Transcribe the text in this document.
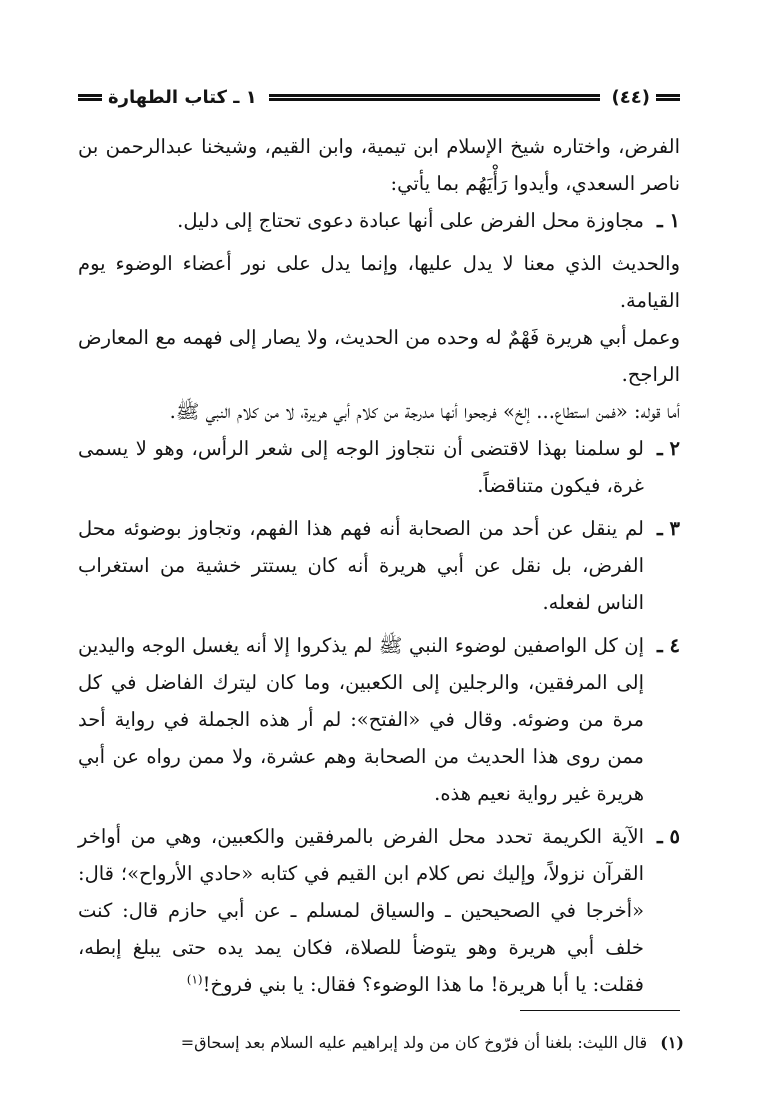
(٤٤)
١ ـ كتاب الطهارة

الفرض، واختاره شيخ الإسلام ابن تيمية، وابن القيم، وشيخنا عبدالرحمن بن ناصر السعدي، وأيدوا رَأْيَهُم بما يأتي:

١ ـ
مجاوزة محل الفرض على أنها عبادة دعوى تحتاج إلى دليل.

والحديث الذي معنا لا يدل عليها، وإنما يدل على نور أعضاء الوضوء يوم القيامة.

وعمل أبي هريرة فَهْمٌ له وحده من الحديث، ولا يصار إلى فهمه مع المعارض الراجح.

أما قوله: «فمن استطاع... إلخ» فرجحوا أنها مدرجة من كلام أبي هريرة، لا من كلام النبي ﷺ.

٢ ـ
لو سلمنا بهذا لاقتضى أن نتجاوز الوجه إلى شعر الرأس، وهو لا يسمى غرة، فيكون متناقضاً.
٣ ـ
لم ينقل عن أحد من الصحابة أنه فهم هذا الفهم، وتجاوز بوضوئه محل الفرض، بل نقل عن أبي هريرة أنه كان يستتر خشية من استغراب الناس لفعله.
٤ ـ
إن كل الواصفين لوضوء النبي ﷺ لم يذكروا إلا أنه يغسل الوجه واليدين إلى المرفقين، والرجلين إلى الكعبين، وما كان ليترك الفاضل في كل مرة من وضوئه. وقال في «الفتح»: لم أر هذه الجملة في رواية أحد ممن روى هذا الحديث من الصحابة وهم عشرة، ولا ممن رواه عن أبي هريرة غير رواية نعيم هذه.
٥ ـ
الآية الكريمة تحدد محل الفرض بالمرفقين والكعبين، وهي من أواخر القرآن نزولاً، وإليك نص كلام ابن القيم في كتابه «حادي الأرواح»؛ قال: «أخرجا في الصحيحين ـ والسياق لمسلم ـ عن أبي حازم قال: كنت خلف أبي هريرة وهو يتوضأ للصلاة، فكان يمد يده حتى يبلغ إبطه، فقلت: يا أبا هريرة! ما هذا الوضوء؟ فقال: يا بني فروخ!$^{(١)}$
(١) قال الليث: بلغنا أن فرّوخ كان من ولد إبراهيم عليه السلام بعد إسحاق=
